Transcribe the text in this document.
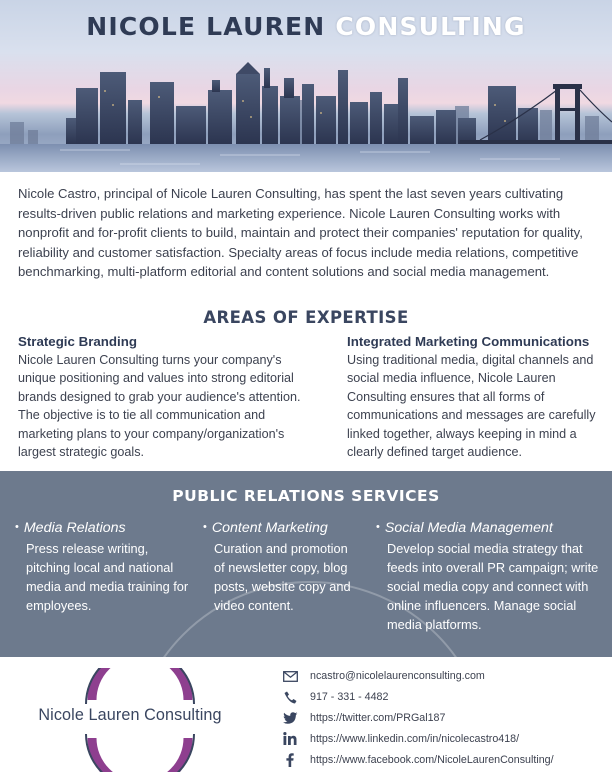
NICOLE LAUREN CONSULTING

Nicole Castro, principal of Nicole Lauren Consulting, has spent the last seven years cultivating results-driven public relations and marketing experience. Nicole Lauren Consulting works with nonprofit and for-profit clients to build, maintain and protect their companies' reputation for quality, reliability and customer satisfaction. Specialty areas of focus include media relations, competitive benchmarking, multi-platform editorial and content solutions and social media management.

AREAS OF EXPERTISE
Strategic Branding

Nicole Lauren Consulting turns your company's unique positioning and values into strong editorial brands designed to grab your audience's attention. The objective is to tie all communication and marketing plans to your company/organization's largest strategic goals.

Integrated Marketing Communications

Using traditional media, digital channels and social media influence, Nicole Lauren Consulting ensures that all forms of communications and messages are carefully linked together, always keeping in mind a clearly defined target audience.

PUBLIC RELATIONS SERVICES
• Media Relations

Press release writing, pitching local and national media and media training for employees.

• Content Marketing

Curation and promotion of newsletter copy, blog posts, website copy and video content.

• Social Media Management

Develop social media strategy that feeds into overall PR campaign; write social media copy and connect with online influencers. Manage social media platforms.

Nicole Lauren Consulting
ncastro@nicolelaurenconsulting.com
917 - 331 - 4482
https://twitter.com/PRGal187
https://www.linkedin.com/in/nicolecastro418/
https://www.facebook.com/NicoleLaurenConsulting/
